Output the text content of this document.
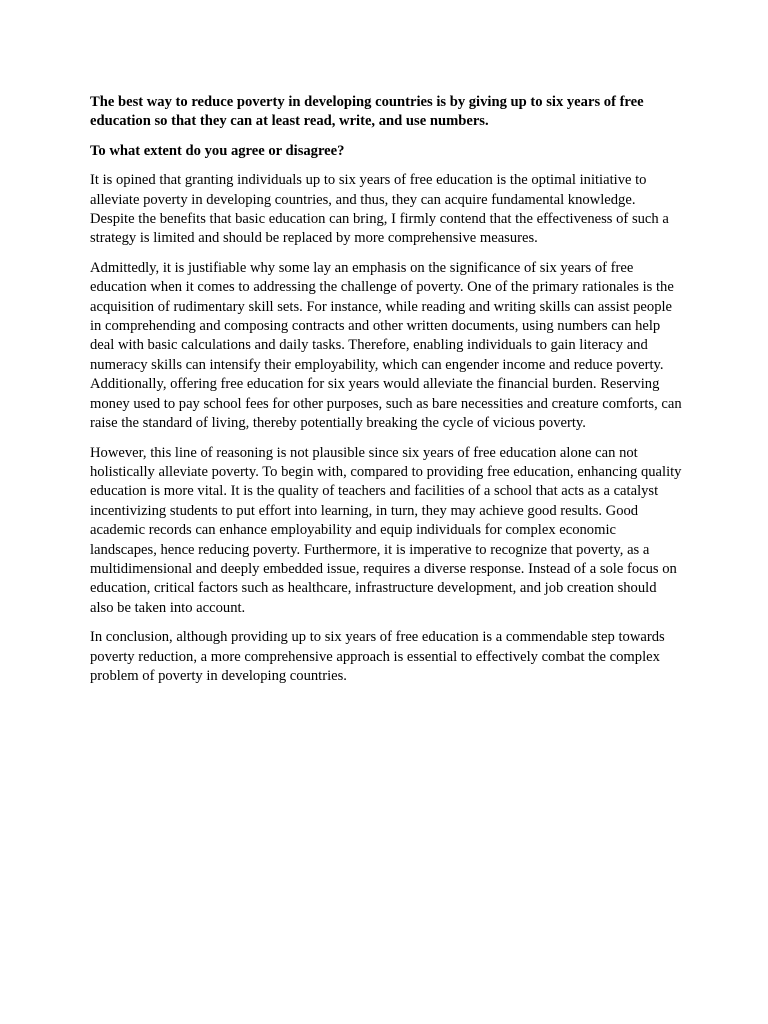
The best way to reduce poverty in developing countries is by giving up to six years of free education so that they can at least read, write, and use numbers.

To what extent do you agree or disagree?

It is opined that granting individuals up to six years of free education is the optimal initiative to alleviate poverty in developing countries, and thus, they can acquire fundamental knowledge. Despite the benefits that basic education can bring, I firmly contend that the effectiveness of such a strategy is limited and should be replaced by more comprehensive measures.

Admittedly, it is justifiable why some lay an emphasis on the significance of six years of free education when it comes to addressing the challenge of poverty. One of the primary rationales is the acquisition of rudimentary skill sets. For instance, while reading and writing skills can assist people in comprehending and composing contracts and other written documents, using numbers can help deal with basic calculations and daily tasks. Therefore, enabling individuals to gain literacy and numeracy skills can intensify their employability, which can engender income and reduce poverty. Additionally, offering free education for six years would alleviate the financial burden. Reserving money used to pay school fees for other purposes, such as bare necessities and creature comforts, can raise the standard of living, thereby potentially breaking the cycle of vicious poverty.

However, this line of reasoning is not plausible since six years of free education alone can not holistically alleviate poverty. To begin with, compared to providing free education, enhancing quality education is more vital. It is the quality of teachers and facilities of a school that acts as a catalyst incentivizing students to put effort into learning, in turn, they may achieve good results. Good academic records can enhance employability and equip individuals for complex economic landscapes, hence reducing poverty. Furthermore, it is imperative to recognize that poverty, as a multidimensional and deeply embedded issue, requires a diverse response. Instead of a sole focus on education, critical factors such as healthcare, infrastructure development, and job creation should also be taken into account.

In conclusion, although providing up to six years of free education is a commendable step towards poverty reduction, a more comprehensive approach is essential to effectively combat the complex problem of poverty in developing countries.
